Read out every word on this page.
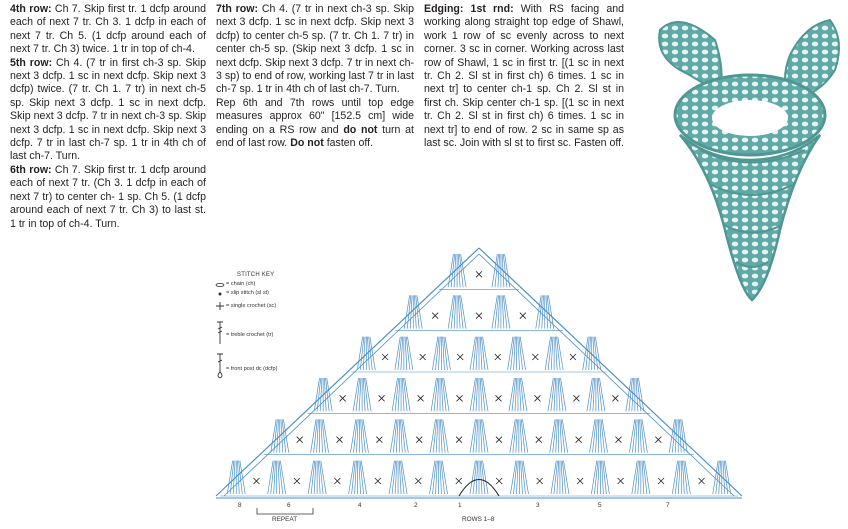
4th row: Ch 7. Skip first tr. 1 dcfp around each of next 7 tr. Ch 3. 1 dcfp in each of next 7 tr. Ch 5. (1 dcfp around each of next 7 tr. Ch 3) twice. 1 tr in top of ch-4.

5th row: Ch 4. (7 tr in first ch-3 sp. Skip next 3 dcfp. 1 sc in next dcfp. Skip next 3 dcfp) twice. (7 tr. Ch 1. 7 tr) in next ch-5 sp. Skip next 3 dcfp. 1 sc in next dcfp. Skip next 3 dcfp. 7 tr in next ch-3 sp. Skip next 3 dcfp. 1 sc in next dcfp. Skip next 3 dcfp. 7 tr in last ch-7 sp. 1 tr in 4th ch of last ch-7. Turn.

6th row: Ch 7. Skip first tr. 1 dcfp around each of next 7 tr. (Ch 3. 1 dcfp in each of next 7 tr) to center ch- 1 sp. Ch 5. (1 dcfp around each of next 7 tr. Ch 3) to last st. 1 tr in top of ch-4. Turn.

7th row: Ch 4. (7 tr in next ch-3 sp. Skip next 3 dcfp. 1 sc in next dcfp. Skip next 3 dcfp) to center ch-5 sp. (7 tr. Ch 1. 7 tr) in center ch-5 sp. (Skip next 3 dcfp. 1 sc in next dcfp. Skip next 3 dcfp. 7 tr in next ch-3 sp) to end of row, working last 7 tr in last ch-7 sp. 1 tr in 4th ch of last ch-7. Turn.

Rep 6th and 7th rows until top edge measures approx 60" [152.5 cm] wide ending on a RS row and do not turn at end of last row. Do not fasten off.

Edging: 1st rnd: With RS facing and working along straight top edge of Shawl, work 1 row of sc evenly across to next corner. 3 sc in corner. Working across last row of Shawl, 1 sc in first tr. [(1 sc in next tr. Ch 2. Sl st in first ch) 6 times. 1 sc in next tr] to center ch-1 sp. Ch 2. Sl st in first ch. Skip center ch-1 sp. [(1 sc in next tr. Ch 2. Sl st in first ch) 6 times. 1 sc in next tr] to end of row. 2 sc in same sp as last sc. Join with sl st to first sc. Fasten off.

STITCH KEY
= chain (ch)
= slip stitch (sl st)
= single crochet (sc)
= treble crochet (tr)
= front post dc (dcfp)
8	6	4	2	1	3	5	7
REPEAT	ROWS 1–8
